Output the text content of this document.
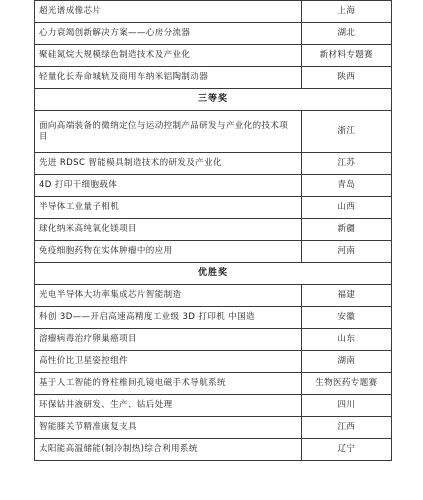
超光谱成像芯片	上海
心力衰竭创新解决方案——心房分流器	湖北
聚硅氮烷大规模绿色制造技术及产业化	新材料专题赛
轻量化长寿命城轨及商用车纳米铝陶制动器	陕西
三等奖	
面向高端装备的微纳定位与运动控制产品研发与产业化的技术项目	浙江
先进 RDSC 智能模具制造技术的研发及产业化	江苏
4D 打印干细胞载体	青岛
半导体工业量子相机	山西
球化纳米高纯氧化镁项目	新疆
免疫细胞药物在实体肿瘤中的应用	河南
优胜奖	
光电半导体大功率集成芯片智能制造	福建
科创 3D——开启高速高精度工业级 3D 打印机 中国造	安徽
溶瘤病毒治疗卵巢癌项目	山东
高性价比卫星姿控组件	湖南
基于人工智能的脊柱椎间孔镜电磁手术导航系统	生物医药专题赛
环保钻井液研发、生产、钻后处理	四川
智能膝关节精准康复支具	江西
太阳能高温储能(制冷制热)综合利用系统	辽宁
